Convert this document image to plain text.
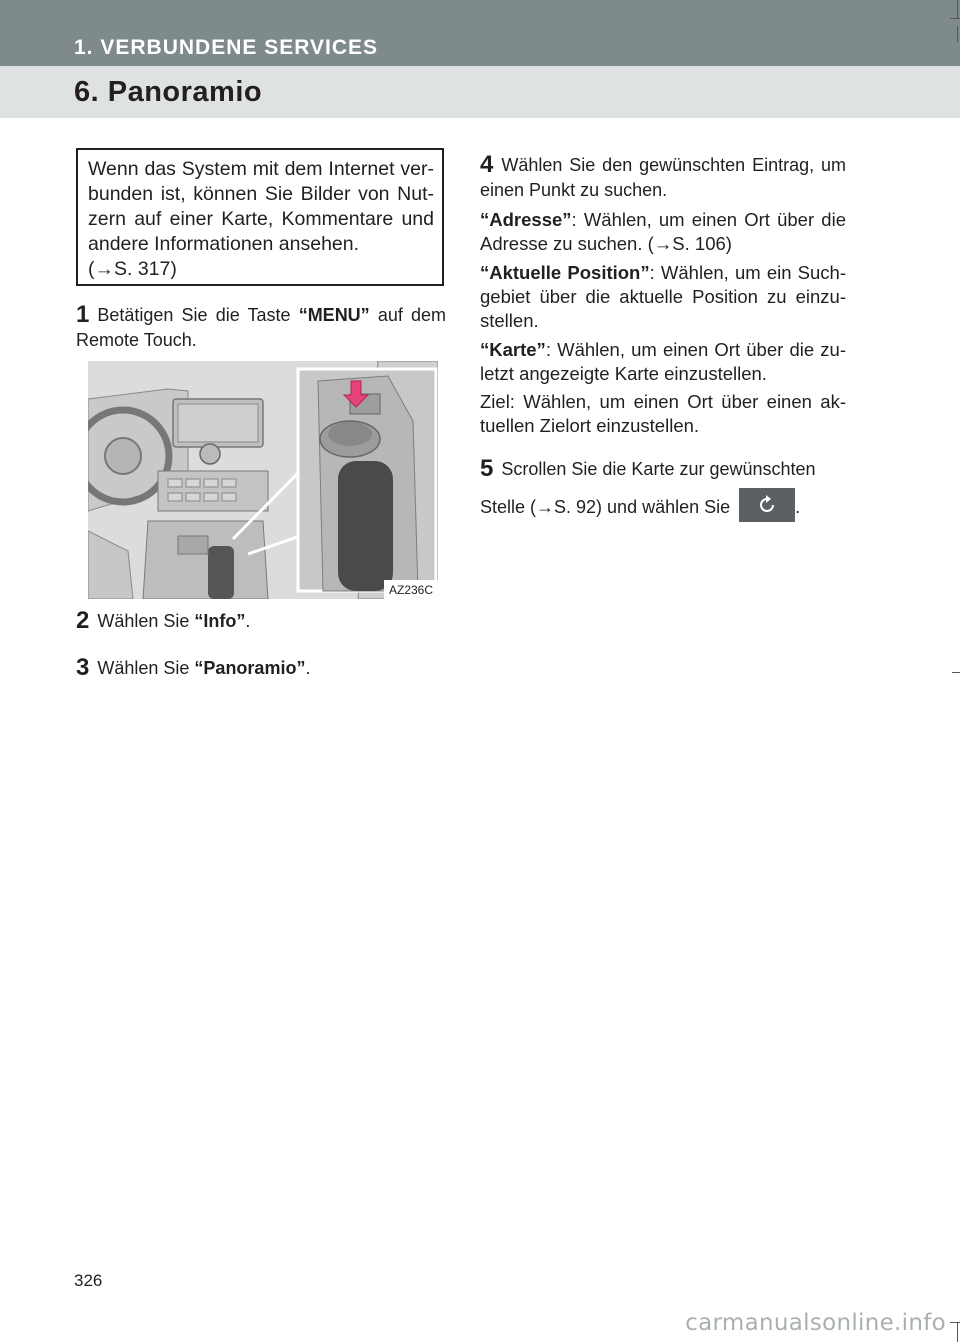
1. VERBUNDENE SERVICES
6. Panoramio
Wenn das System mit dem Internet ver-bunden ist, können Sie Bilder von Nut-zern auf einer Karte, Kommentare und andere Informationen ansehen.
(→S. 317)
1 Betätigen Sie die Taste “MENU” auf dem Remote Touch.
AZ236C
2 Wählen Sie “Info”.
3 Wählen Sie “Panoramio”.
4 Wählen Sie den gewünschten Eintrag, um einen Punkt zu suchen.
“Adresse”: Wählen, um einen Ort über die Adresse zu suchen. (→S. 106)
“Aktuelle Position”: Wählen, um ein Such-gebiet über die aktuelle Position zu einzu-stellen.
“Karte”: Wählen, um einen Ort über die zu-letzt angezeigte Karte einzustellen.
Ziel: Wählen, um einen Ort über einen ak-tuellen Zielort einzustellen.
5 Scrollen Sie die Karte zur gewünschten Stelle (→S. 92) und wählen Sie	.
326
carmanualsonline.info
